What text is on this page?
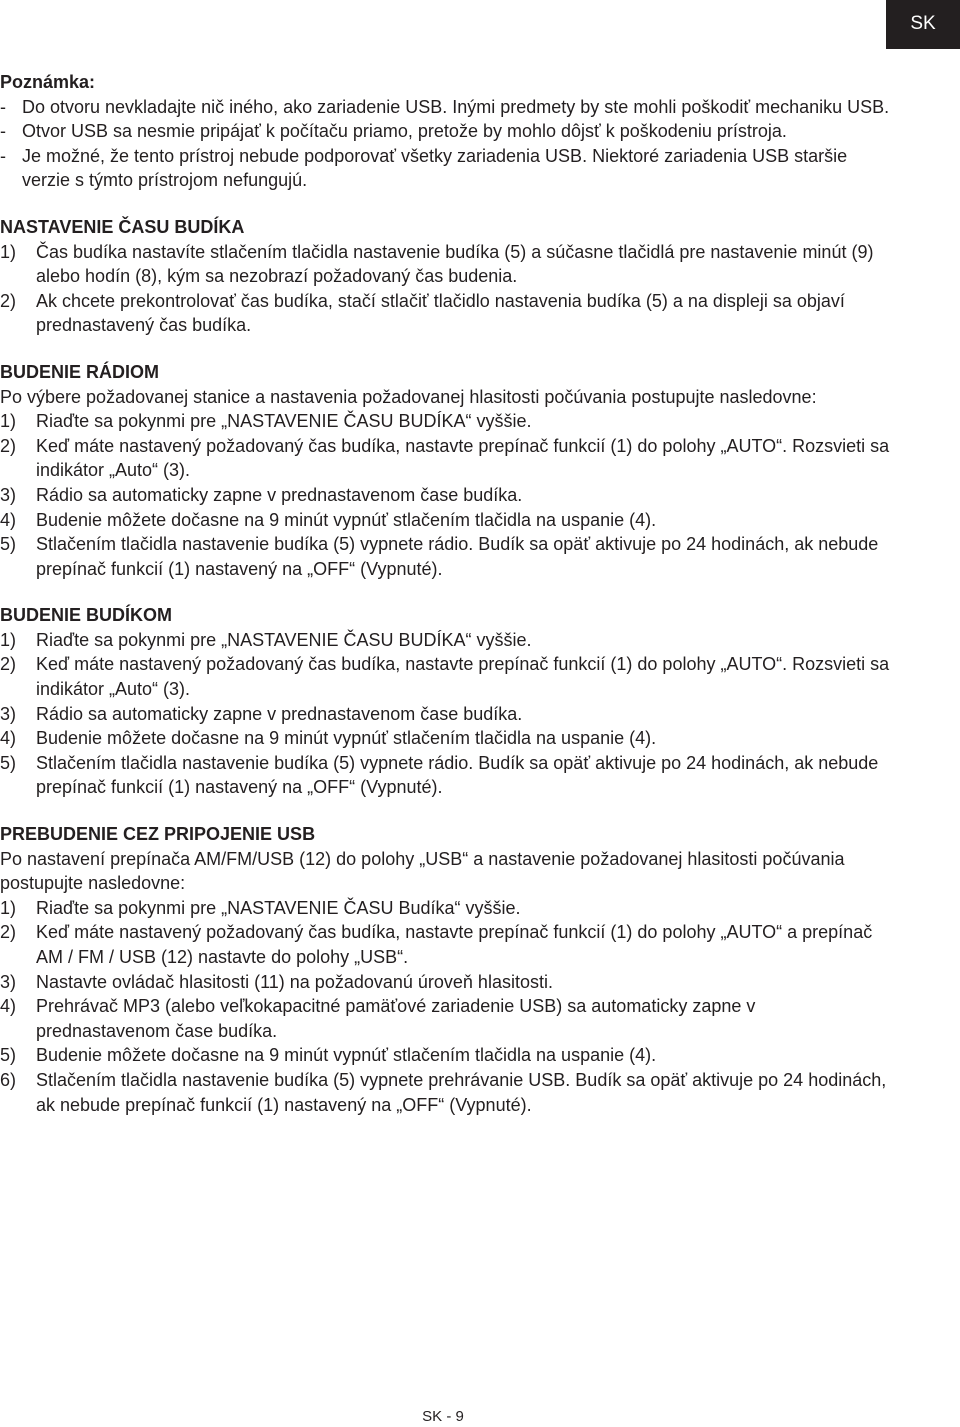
SK

Poznámka:

- Do otvoru nevkladajte nič iného, ako zariadenie USB. Inými predmety by ste mohli poškodiť mechaniku USB.
- Otvor USB sa nesmie pripájať k počítaču priamo, pretože by mohlo dôjsť k poškodeniu prístroja.
- Je možné, že tento prístroj nebude podporovať všetky zariadenia USB. Niektoré zariadenia USB staršie verzie s týmto prístrojom nefungujú.

NASTAVENIE ČASU BUDÍKA

1)	Čas budíka nastavíte stlačením tlačidla nastavenie budíka (5) a súčasne tlačidlá pre nastavenie minút (9) alebo hodín (8), kým sa nezobrazí požadovaný čas budenia.
2)	Ak chcete prekontrolovať čas budíka, stačí stlačiť tlačidlo nastavenia budíka (5) a na displeji sa objaví prednastavený čas budíka.

BUDENIE RÁDIOM

Po výbere požadovanej stanice a nastavenia požadovanej hlasitosti počúvania postupujte nasledovne:

1)	Riaďte sa pokynmi pre „NASTAVENIE ČASU BUDÍKA“ vyššie.
2)	Keď máte nastavený požadovaný čas budíka, nastavte prepínač funkcií (1) do polohy „AUTO“. Rozsvieti sa indikátor „Auto“ (3).
3)	Rádio sa automaticky zapne v prednastavenom čase budíka.
4)	Budenie môžete dočasne na 9 minút vypnúť stlačením tlačidla na uspanie (4).
5)	Stlačením tlačidla nastavenie budíka (5) vypnete rádio. Budík sa opäť aktivuje po 24 hodinách, ak nebude prepínač funkcií (1) nastavený na „OFF“ (Vypnuté).

BUDENIE BUDÍKOM

1)	Riaďte sa pokynmi pre „NASTAVENIE ČASU BUDÍKA“ vyššie.
2)	Keď máte nastavený požadovaný čas budíka, nastavte prepínač funkcií (1) do polohy „AUTO“. Rozsvieti sa indikátor „Auto“ (3).
3)	Rádio sa automaticky zapne v prednastavenom čase budíka.
4)	Budenie môžete dočasne na 9 minút vypnúť stlačením tlačidla na uspanie (4).
5)	Stlačením tlačidla nastavenie budíka (5) vypnete rádio. Budík sa opäť aktivuje po 24 hodinách, ak nebude prepínač funkcií (1) nastavený na „OFF“ (Vypnuté).

PREBUDENIE CEZ PRIPOJENIE USB

Po nastavení prepínača AM/FM/USB (12) do polohy „USB“ a nastavenie požadovanej hlasitosti počúvania postupujte nasledovne:

1)	Riaďte sa pokynmi pre „NASTAVENIE ČASU Budíka“ vyššie.
2)	Keď máte nastavený požadovaný čas budíka, nastavte prepínač funkcií (1) do polohy „AUTO“ a prepínač AM / FM / USB (12) nastavte do polohy „USB“.
3)	Nastavte ovládač hlasitosti (11) na požadovanú úroveň hlasitosti.
4)	Prehrávač MP3 (alebo veľkokapacitné pamäťové zariadenie USB) sa automaticky zapne v prednastavenom čase budíka.
5)	Budenie môžete dočasne na 9 minút vypnúť stlačením tlačidla na uspanie (4).
6)	Stlačením tlačidla nastavenie budíka (5) vypnete prehrávanie USB. Budík sa opäť aktivuje po 24 hodinách, ak nebude prepínač funkcií (1) nastavený na „OFF“ (Vypnuté).
SK - 9
